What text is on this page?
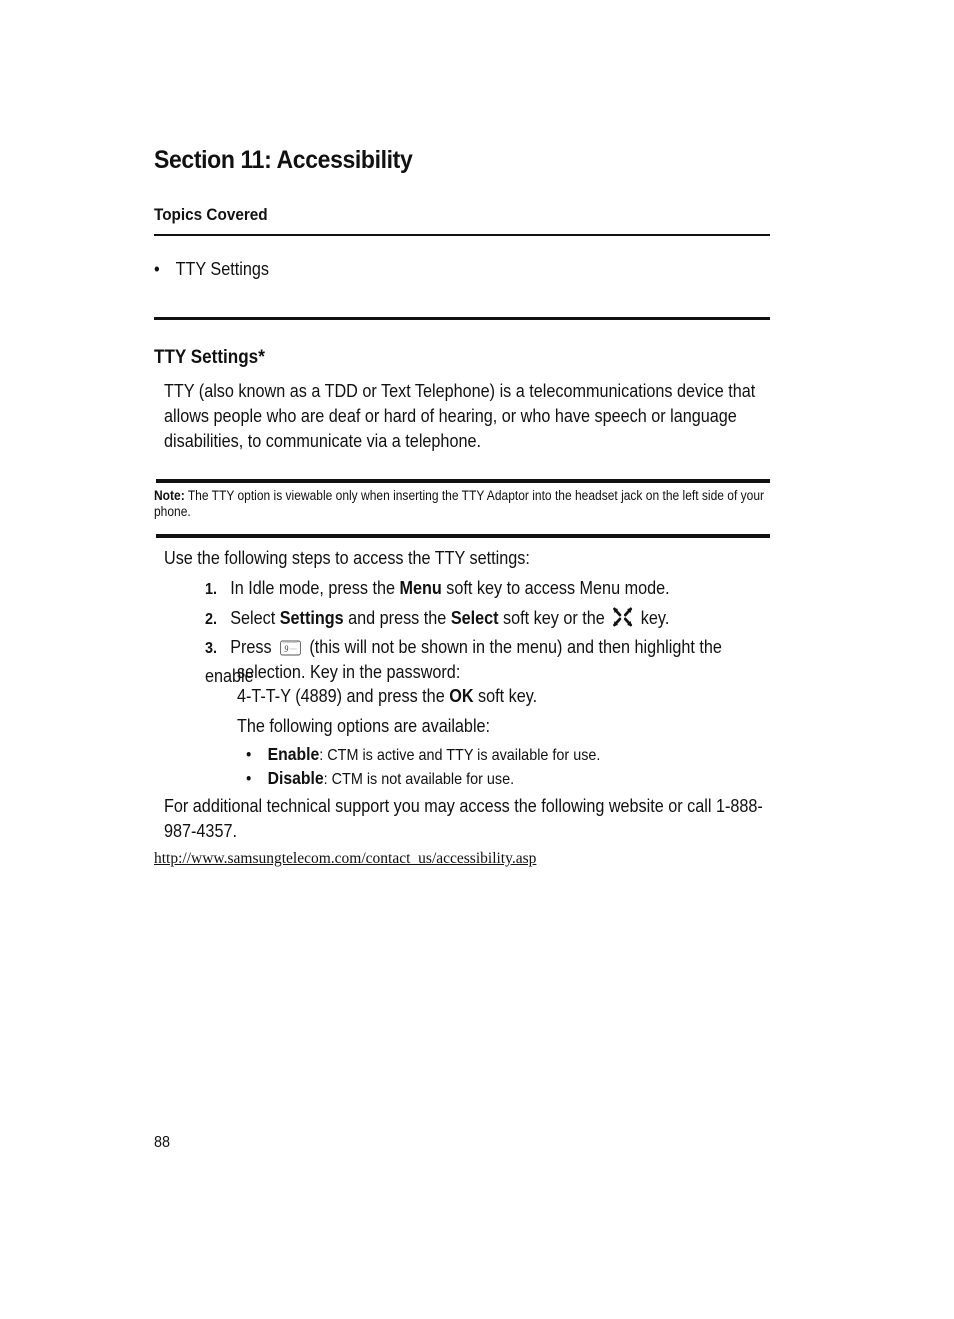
Section 11: Accessibility
Topics Covered
• TTY Settings
TTY Settings*

TTY (also known as a TDD or Text Telephone) is a telecommunications device that allows people who are deaf or hard of hearing, or who have speech or language disabilities, to communicate via a telephone.

Note: The TTY option is viewable only when inserting the TTY Adaptor into the headset jack on the left side of your phone.

Use the following steps to access the TTY settings:

1. In Idle mode, press the Menu soft key to access Menu mode.
2. Select Settings and press the Select soft key or the  key.
3. Press 9 (this will not be shown in the menu) and then highlight the enable
selection. Key in the password:
4-T-T-Y (4889) and press the OK soft key.
The following options are available:
• Enable: CTM is active and TTY is available for use.
• Disable: CTM is not available for use.

For additional technical support you may access the following website or call 1-888-987-4357.

http://www.samsungtelecom.com/contact_us/accessibility.asp
88
